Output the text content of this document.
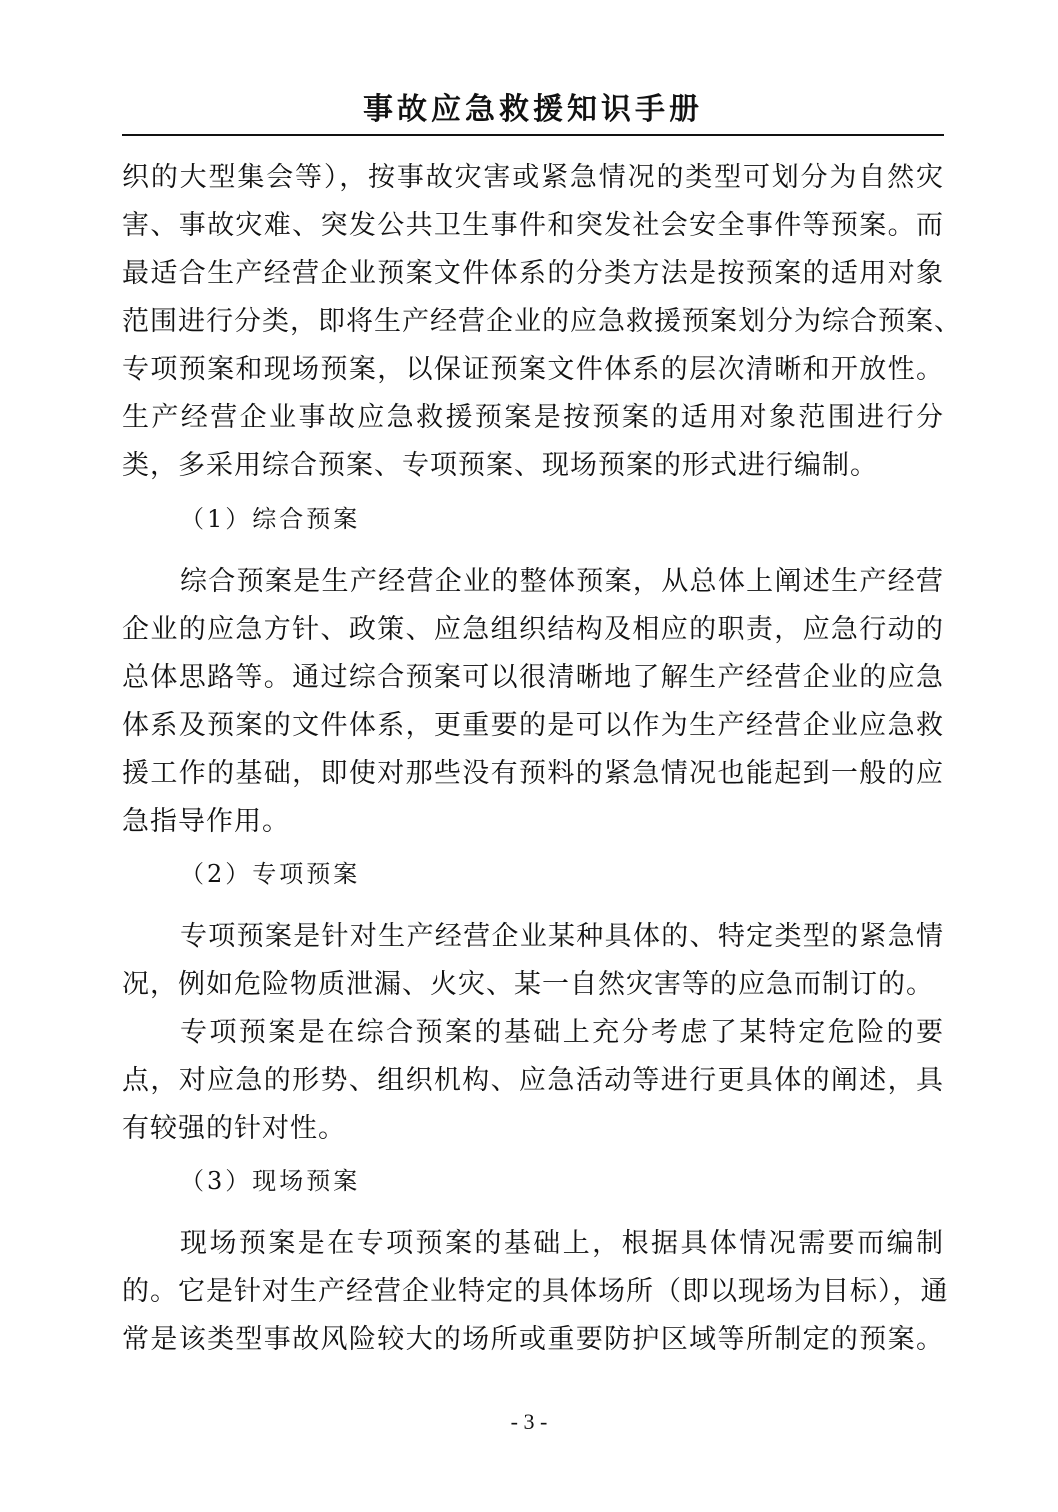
事故应急救援知识手册

织的大型集会等），按事故灾害或紧急情况的类型可划分为自然灾

害、事故灾难、突发公共卫生事件和突发社会安全事件等预案。而

最适合生产经营企业预案文件体系的分类方法是按预案的适用对象

范围进行分类，即将生产经营企业的应急救援预案划分为综合预案、

专项预案和现场预案，以保证预案文件体系的层次清晰和开放性。

生产经营企业事故应急救援预案是按预案的适用对象范围进行分

类，多采用综合预案、专项预案、现场预案的形式进行编制。

（1）综合预案

综合预案是生产经营企业的整体预案，从总体上阐述生产经营

企业的应急方针、政策、应急组织结构及相应的职责，应急行动的

总体思路等。通过综合预案可以很清晰地了解生产经营企业的应急

体系及预案的文件体系，更重要的是可以作为生产经营企业应急救

援工作的基础，即使对那些没有预料的紧急情况也能起到一般的应

急指导作用。

（2）专项预案

专项预案是针对生产经营企业某种具体的、特定类型的紧急情

况，例如危险物质泄漏、火灾、某一自然灾害等的应急而制订的。

专项预案是在综合预案的基础上充分考虑了某特定危险的要

点，对应急的形势、组织机构、应急活动等进行更具体的阐述，具

有较强的针对性。

（3）现场预案

现场预案是在专项预案的基础上，根据具体情况需要而编制

的。它是针对生产经营企业特定的具体场所（即以现场为目标），通

常是该类型事故风险较大的场所或重要防护区域等所制定的预案。

- 3 -
